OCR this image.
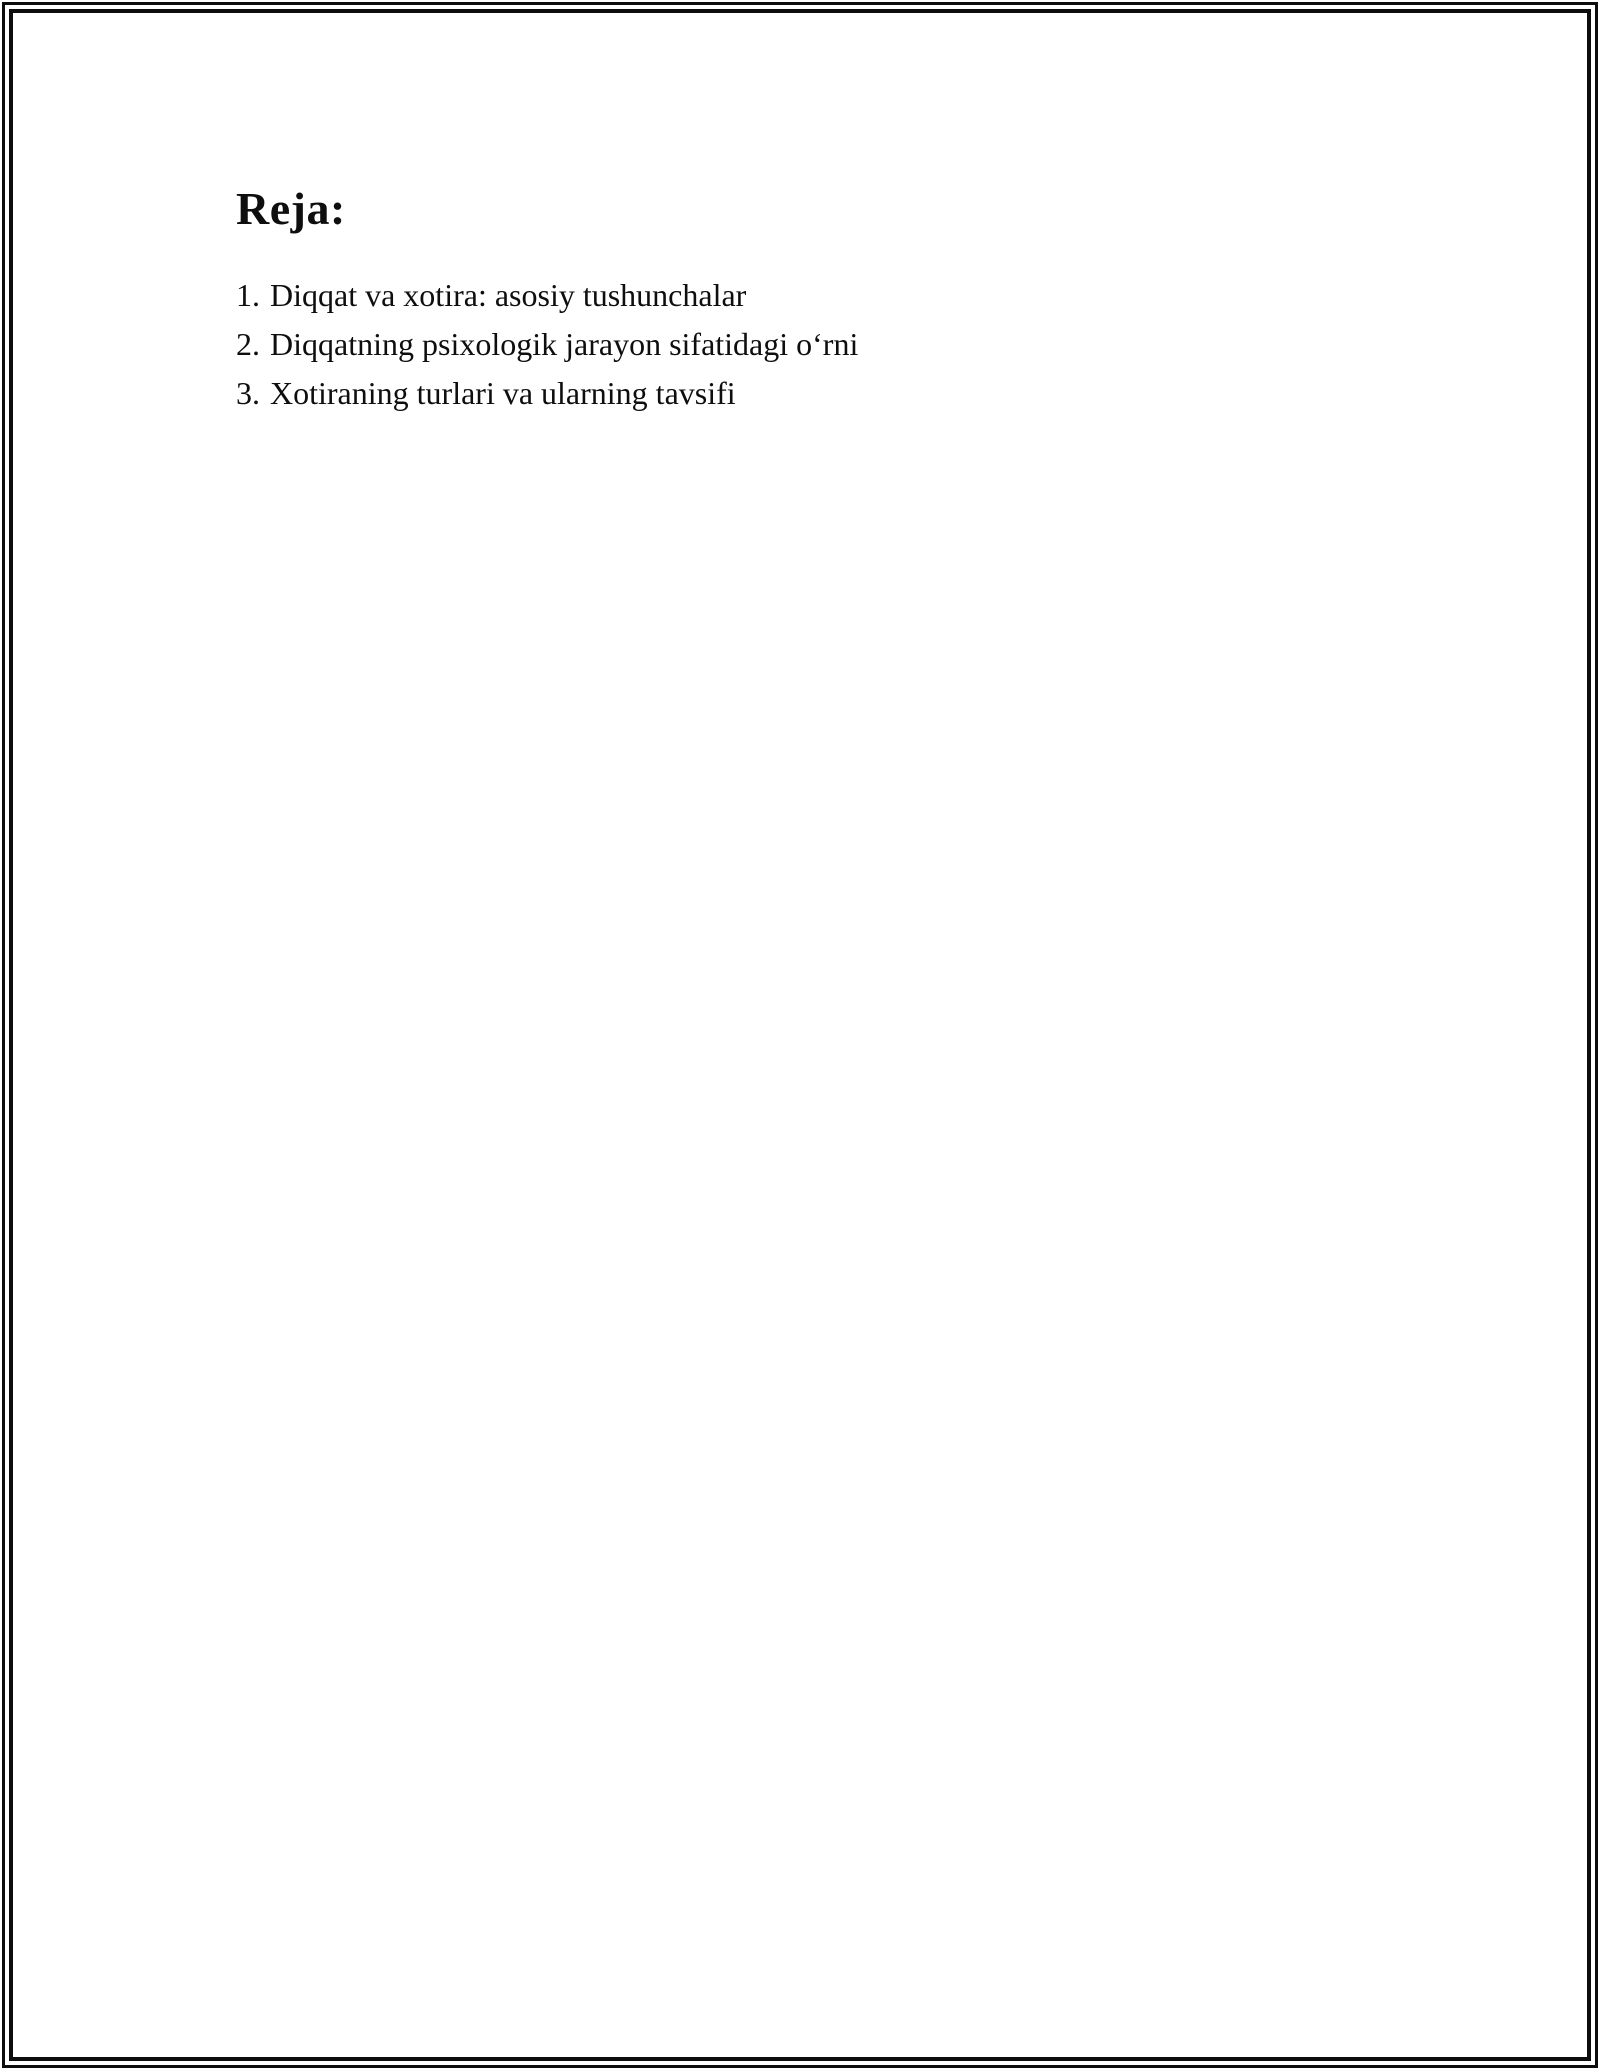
Reja:
1. Diqqat va xotira: asosiy tushunchalar
2. Diqqatning psixologik jarayon sifatidagi o‘rni
3. Xotiraning turlari va ularning tavsifi
